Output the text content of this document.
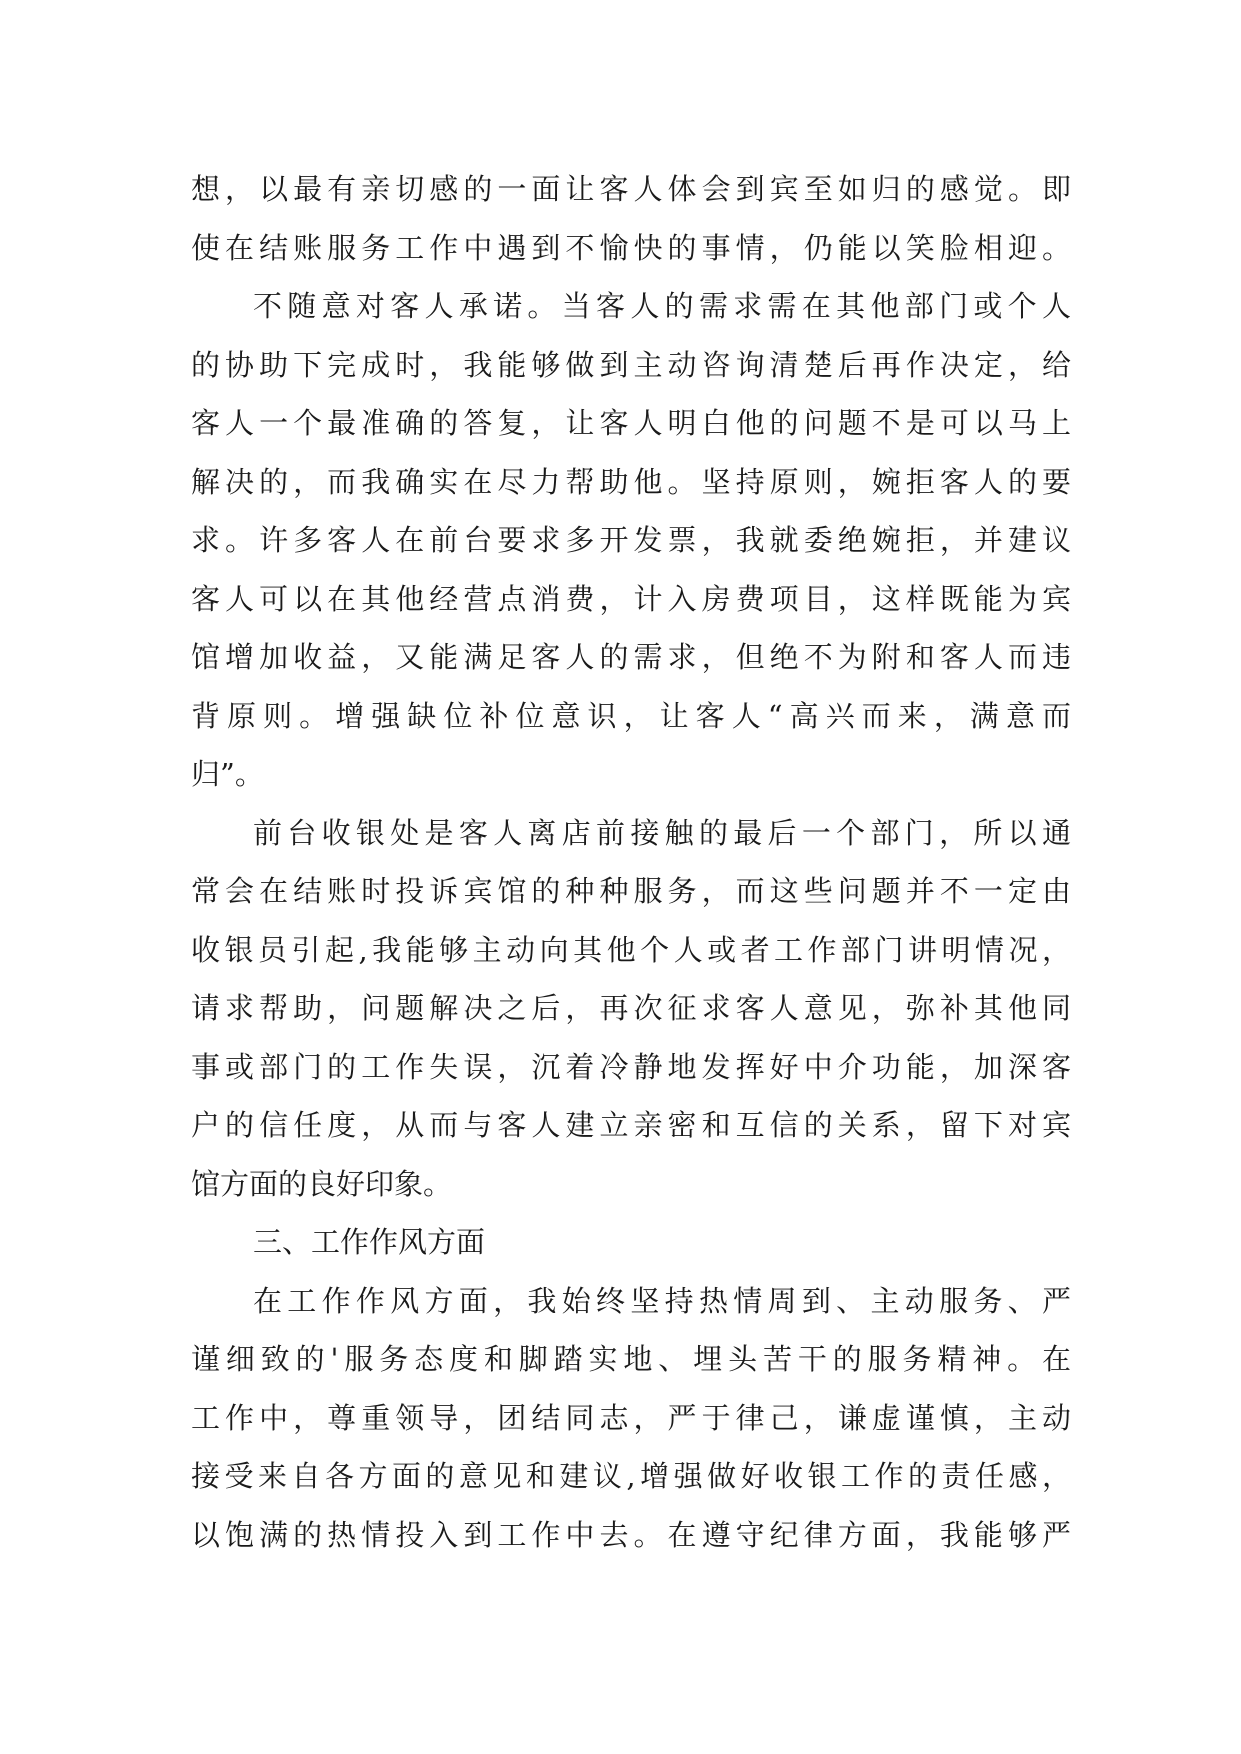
想，以最有亲切感的一面让客人体会到宾至如归的感觉。即
使在结账服务工作中遇到不愉快的事情，仍能以笑脸相迎。
不随意对客人承诺。当客人的需求需在其他部门或个人
的协助下完成时，我能够做到主动咨询清楚后再作决定，给
客人一个最准确的答复，让客人明白他的问题不是可以马上
解决的，而我确实在尽力帮助他。坚持原则，婉拒客人的要
求。许多客人在前台要求多开发票，我就委绝婉拒，并建议
客人可以在其他经营点消费，计入房费项目，这样既能为宾
馆增加收益，又能满足客人的需求，但绝不为附和客人而违
背原则。增强缺位补位意识，让客人“高兴而来，满意而
归”。
前台收银处是客人离店前接触的最后一个部门，所以通
常会在结账时投诉宾馆的种种服务，而这些问题并不一定由
收银员引起,我能够主动向其他个人或者工作部门讲明情况，
请求帮助，问题解决之后，再次征求客人意见，弥补其他同
事或部门的工作失误，沉着冷静地发挥好中介功能，加深客
户的信任度，从而与客人建立亲密和互信的关系，留下对宾
馆方面的良好印象。
三、工作作风方面
在工作作风方面，我始终坚持热情周到、主动服务、严
谨细致的'服务态度和脚踏实地、埋头苦干的服务精神。在
工作中，尊重领导，团结同志，严于律己，谦虚谨慎，主动
接受来自各方面的意见和建议,增强做好收银工作的责任感，
以饱满的热情投入到工作中去。在遵守纪律方面，我能够严
